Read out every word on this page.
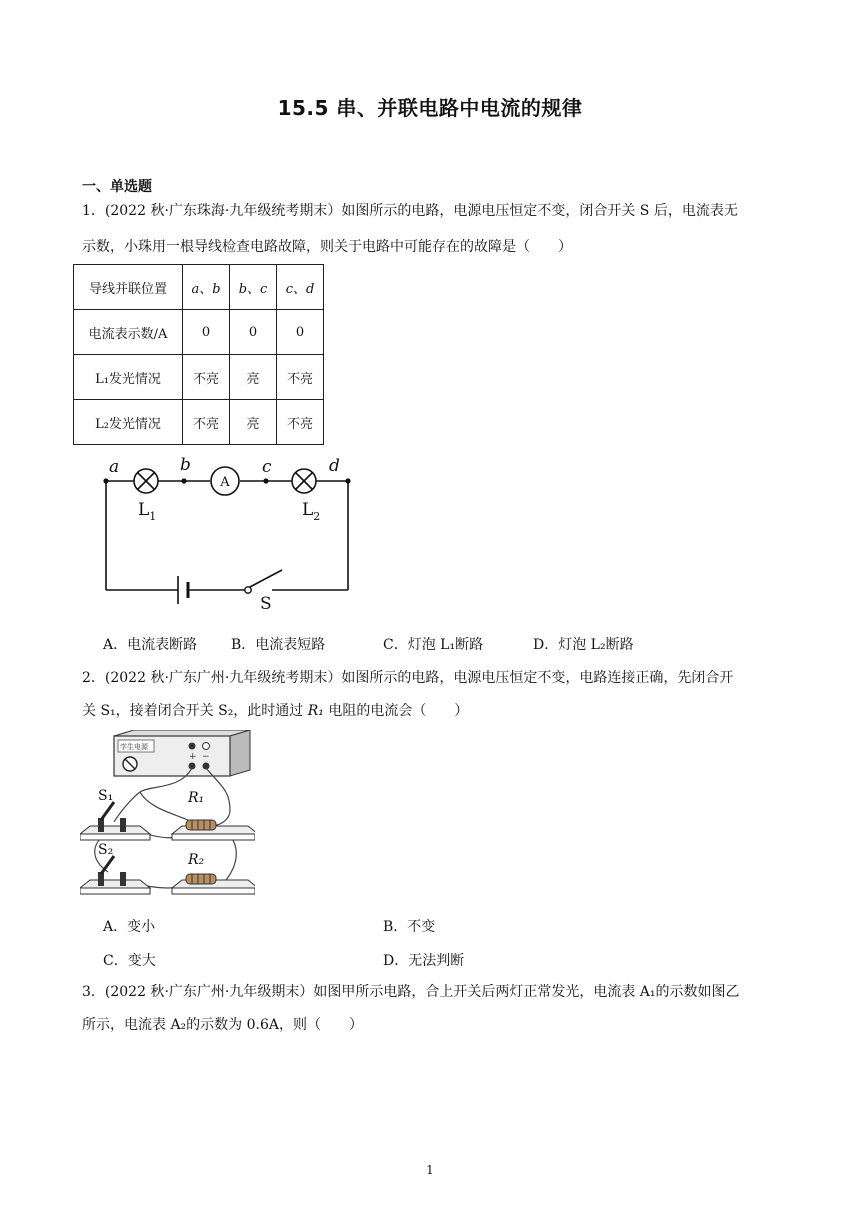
15.5 串、并联电路中电流的规律
一、单选题
1．(2022 秋·广东珠海·九年级统考期末）如图所示的电路，电源电压恒定不变，闭合开关 S 后，电流表无
示数，小珠用一根导线检查电路故障，则关于电路中可能存在的故障是（　　）
导线并联位置	a、b	b、c	c、d
电流表示数/A	0	0	0
L₁发光情况	不亮	亮	不亮
L₂发光情况	不亮	亮	不亮
A
a	b	c	d
$L_1$	$L_2$
S
A．电流表断路 B．电流表短路	C．灯泡 L₁断路	D．灯泡 L₂断路
2．(2022 秋·广东广州·九年级统考期末）如图所示的电路，电源电压恒定不变，电路连接正确，先闭合开
关 S₁，接着闭合开关 S₂，此时通过 R₁ 电阻的电流会（　　）
学生电源
+ −
S₁	R₁
S₂
R₂
A．变小	B．不变
C．变大	D．无法判断
3．(2022 秋·广东广州·九年级期末）如图甲所示电路，合上开关后两灯正常发光，电流表 A₁的示数如图乙
所示，电流表 A₂的示数为 0.6A，则（　　）
1
